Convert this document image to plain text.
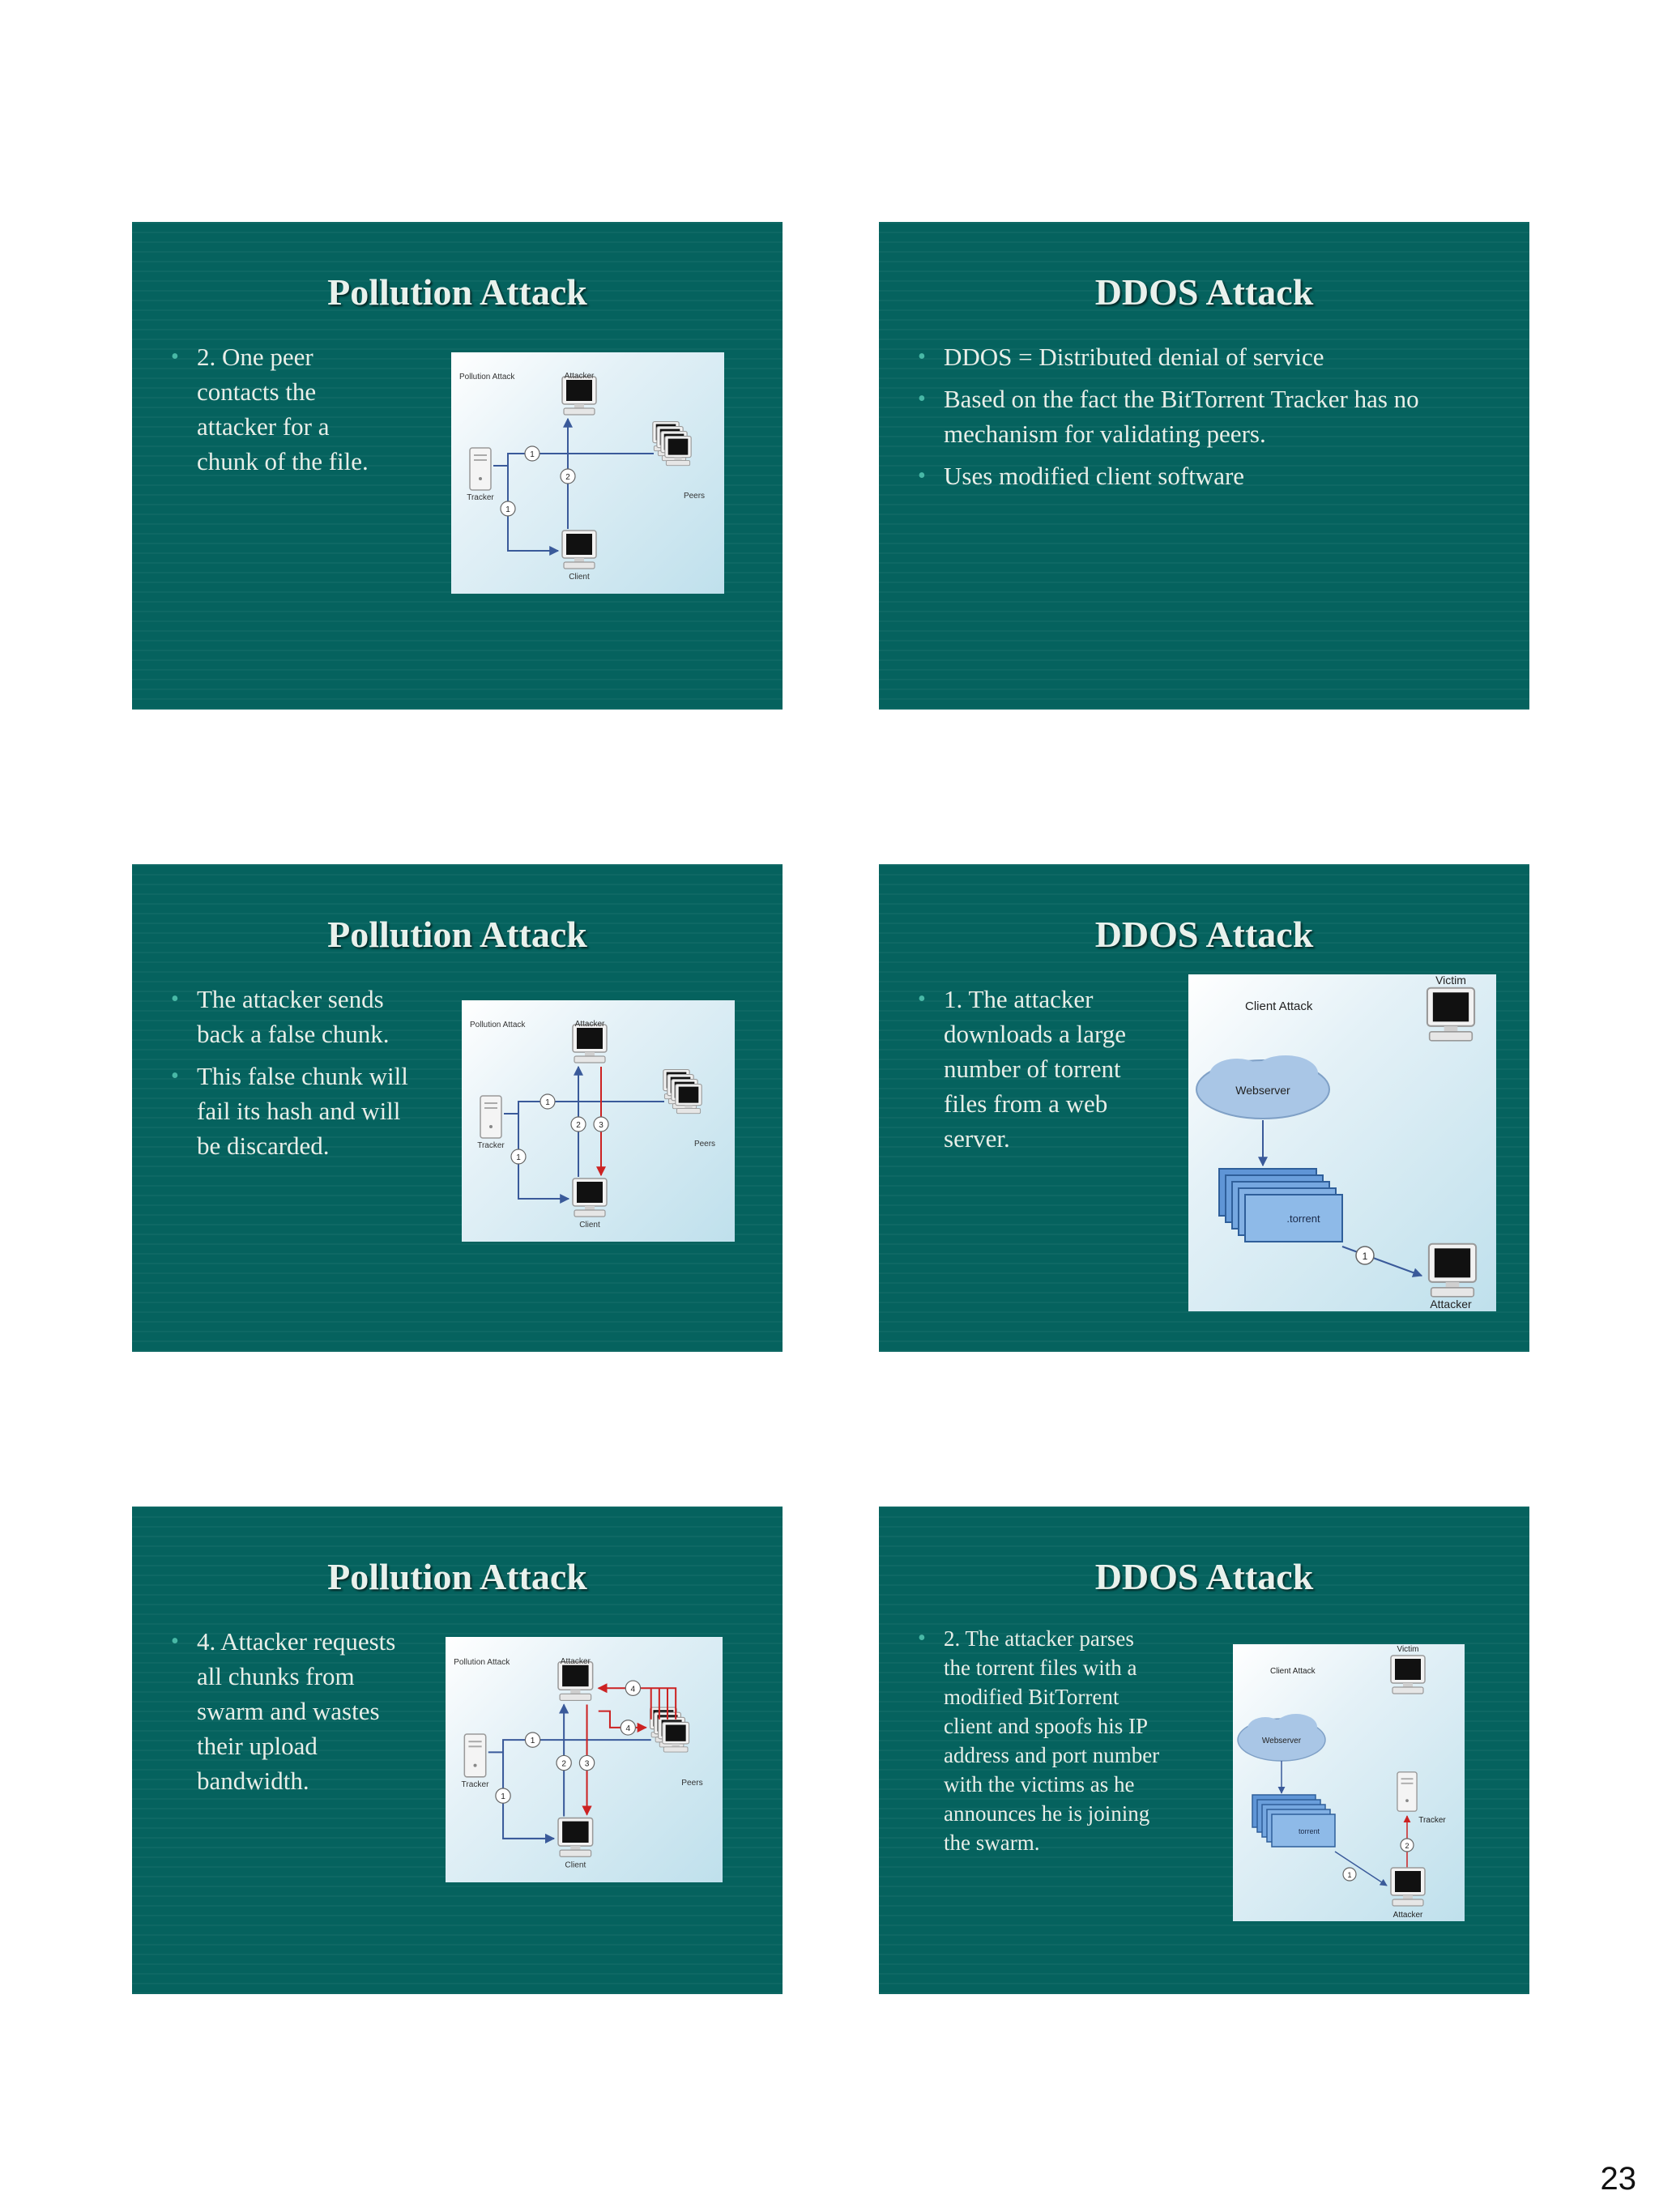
Pollution Attack
• 2. One peer contacts the attacker for a chunk of the file.
Pollution Attack	Attacker
Tracker	Peers
Client
1
2
1
DDOS Attack
• DDOS = Distributed denial of service
• Based on the fact the BitTorrent Tracker has no mechanism for validating peers.
• Uses modified client software
Pollution Attack
• The attacker sends back a false chunk.
• This false chunk will fail its hash and will be discarded.
Pollution Attack	Attacker
Tracker	Peers
Client
1
2 3
1
DDOS Attack
• 1. The attacker downloads a large number of torrent files from a web server.
Client Attack
Victim
Webserver
.torrent
1
Attacker
Pollution Attack
• 4. Attacker requests all chunks from swarm and wastes their upload bandwidth.
Pollution Attack	Attacker
Tracker	Peers
Client
1
2 3
1
4
4
DDOS Attack
• 2. The attacker parses the torrent files with a modified BitTorrent client and spoofs his IP address and port number with the victims as he announces he is joining the swarm.
Client Attack
Victim
Webserver
torrent
Tracker
2
1
Attacker
23
